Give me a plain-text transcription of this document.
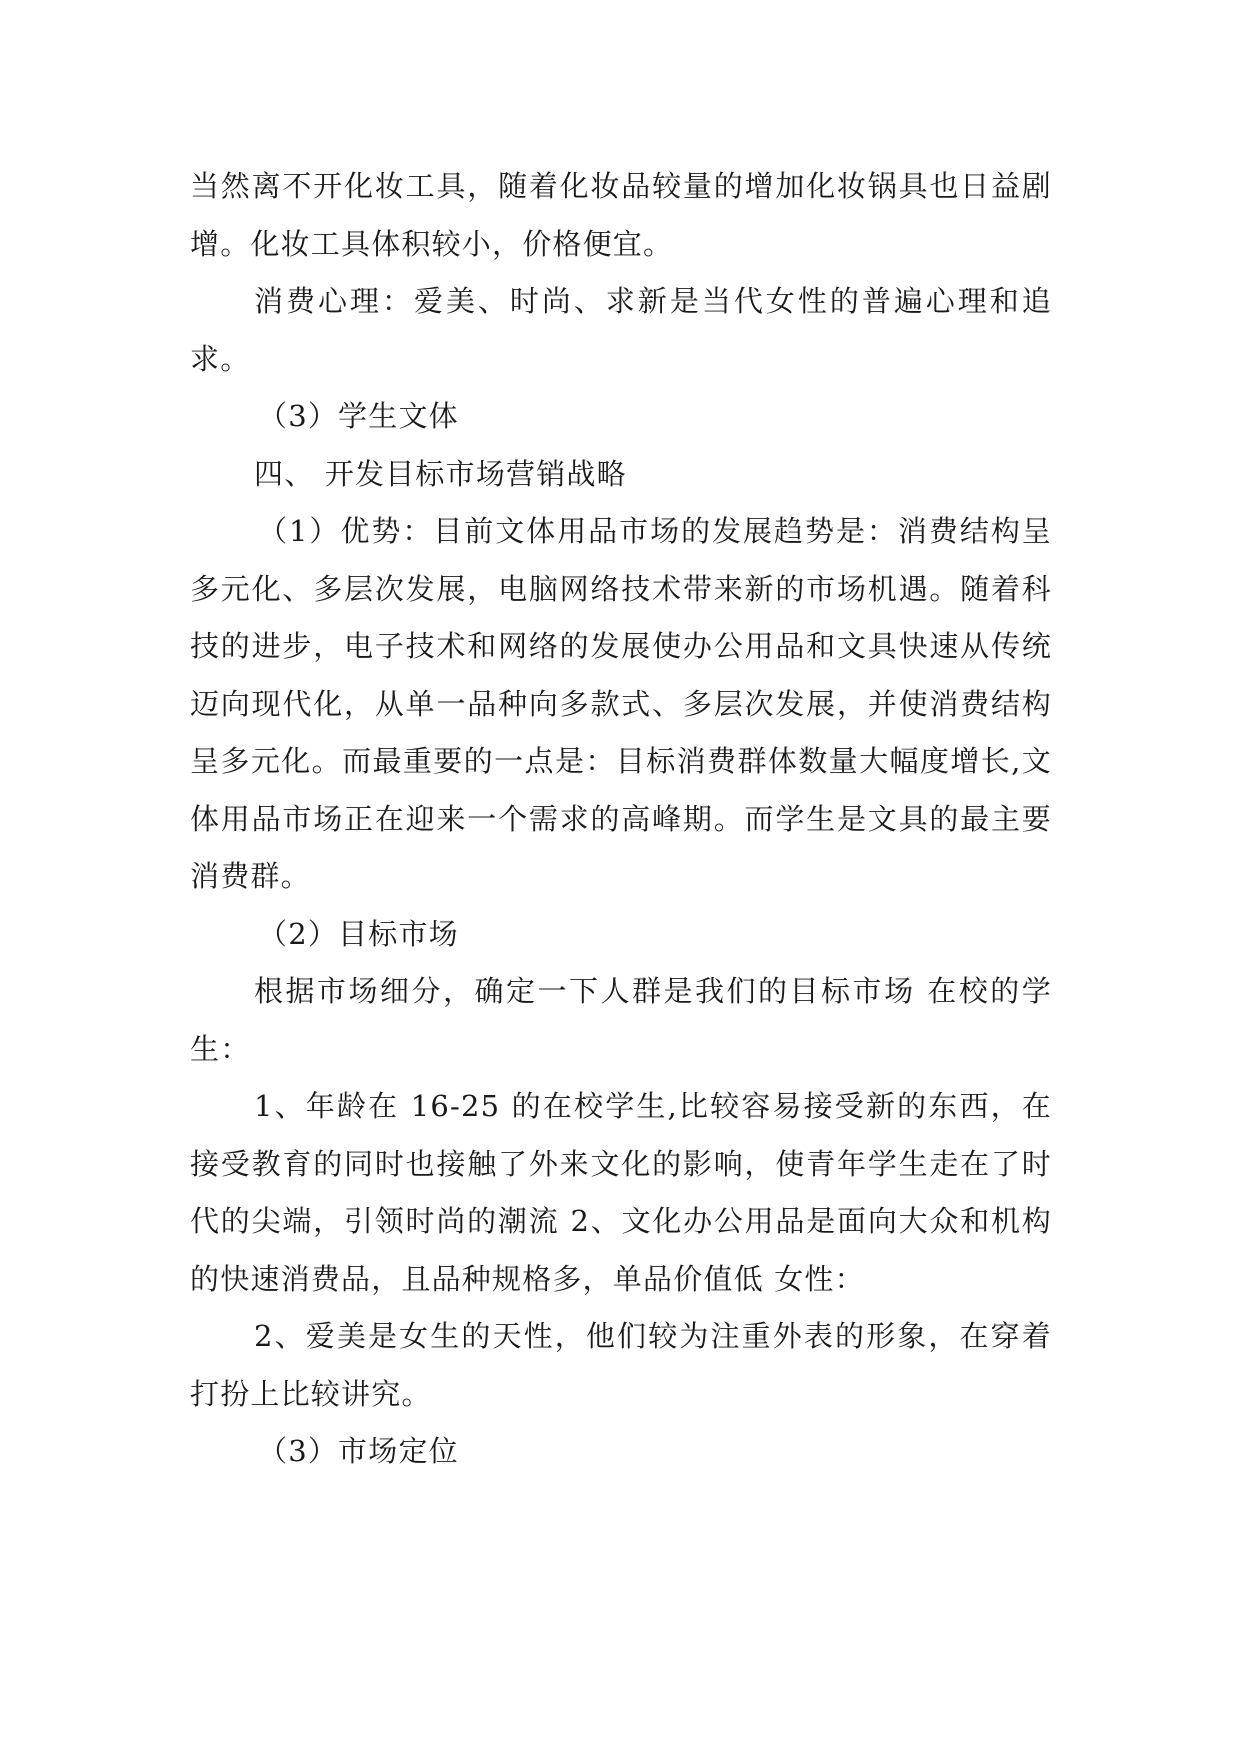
当然离不开化妆工具，随着化妆品较量的增加化妆锅具也日益剧增。化妆工具体积较小，价格便宜。

消费心理：爱美、时尚、求新是当代女性的普遍心理和追求。

（3）学生文体

四、 开发目标市场营销战略

（1）优势：目前文体用品市场的发展趋势是：消费结构呈多元化、多层次发展，电脑网络技术带来新的市场机遇。随着科技的进步，电子技术和网络的发展使办公用品和文具快速从传统迈向现代化，从单一品种向多款式、多层次发展，并使消费结构呈多元化。而最重要的一点是：目标消费群体数量大幅度增长,文体用品市场正在迎来一个需求的高峰期。而学生是文具的最主要消费群。

（2）目标市场

根据市场细分，确定一下人群是我们的目标市场 在校的学生：

1、年龄在 16-25 的在校学生,比较容易接受新的东西，在接受教育的同时也接触了外来文化的影响，使青年学生走在了时代的尖端，引领时尚的潮流 2、文化办公用品是面向大众和机构的快速消费品，且品种规格多，单品价值低 女性：

2、爱美是女生的天性，他们较为注重外表的形象，在穿着打扮上比较讲究。

（3）市场定位
